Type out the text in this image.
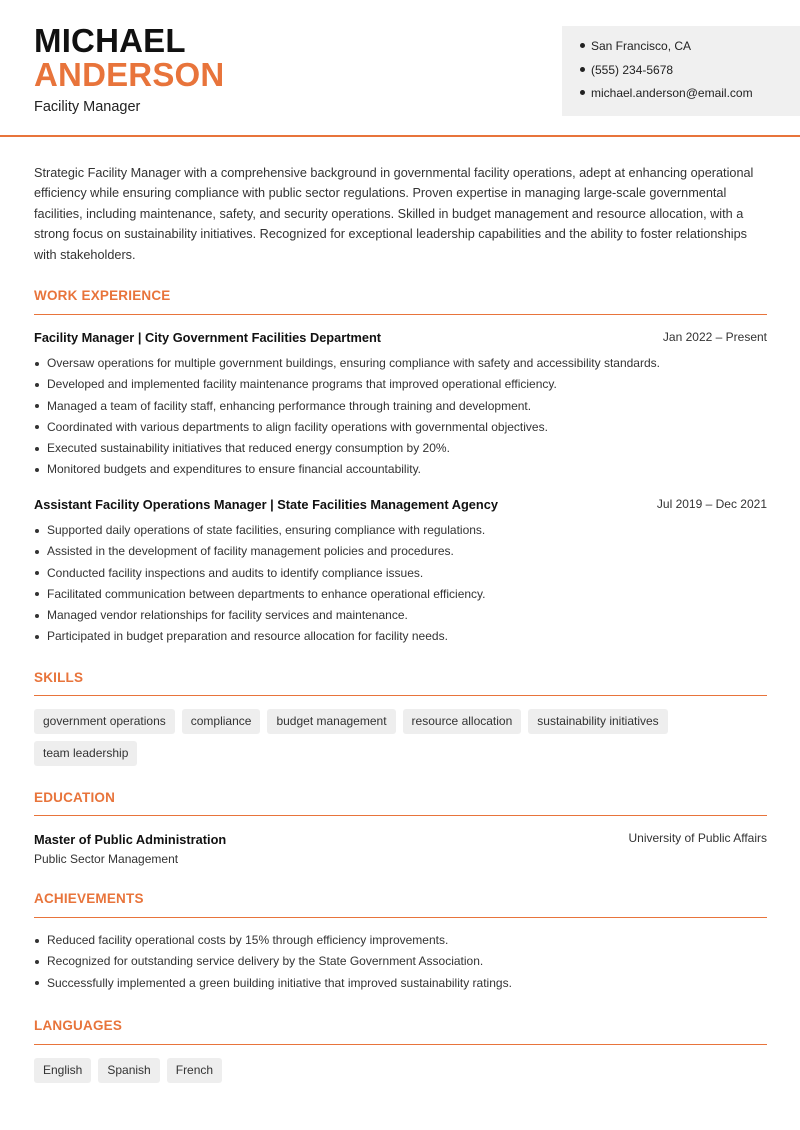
MICHAEL
ANDERSON
Facility Manager
San Francisco, CA
(555) 234-5678
michael.anderson@email.com
Strategic Facility Manager with a comprehensive background in governmental facility operations, adept at enhancing operational efficiency while ensuring compliance with public sector regulations. Proven expertise in managing large-scale governmental facilities, including maintenance, safety, and security operations. Skilled in budget management and resource allocation, with a strong focus on sustainability initiatives. Recognized for exceptional leadership capabilities and the ability to foster relationships with stakeholders.
WORK EXPERIENCE
Facility Manager | City Government Facilities Department	Jan 2022 – Present
Oversaw operations for multiple government buildings, ensuring compliance with safety and accessibility standards.
Developed and implemented facility maintenance programs that improved operational efficiency.
Managed a team of facility staff, enhancing performance through training and development.
Coordinated with various departments to align facility operations with governmental objectives.
Executed sustainability initiatives that reduced energy consumption by 20%.
Monitored budgets and expenditures to ensure financial accountability.
Assistant Facility Operations Manager | State Facilities Management Agency	Jul 2019 – Dec 2021
Supported daily operations of state facilities, ensuring compliance with regulations.
Assisted in the development of facility management policies and procedures.
Conducted facility inspections and audits to identify compliance issues.
Facilitated communication between departments to enhance operational efficiency.
Managed vendor relationships for facility services and maintenance.
Participated in budget preparation and resource allocation for facility needs.
SKILLS
government operations compliance budget management resource allocation sustainability initiativesteam leadership
EDUCATION
Master of Public Administration	University of Public Affairs
Public Sector Management
ACHIEVEMENTS
Reduced facility operational costs by 15% through efficiency improvements.
Recognized for outstanding service delivery by the State Government Association.
Successfully implemented a green building initiative that improved sustainability ratings.
LANGUAGES
English Spanish French
